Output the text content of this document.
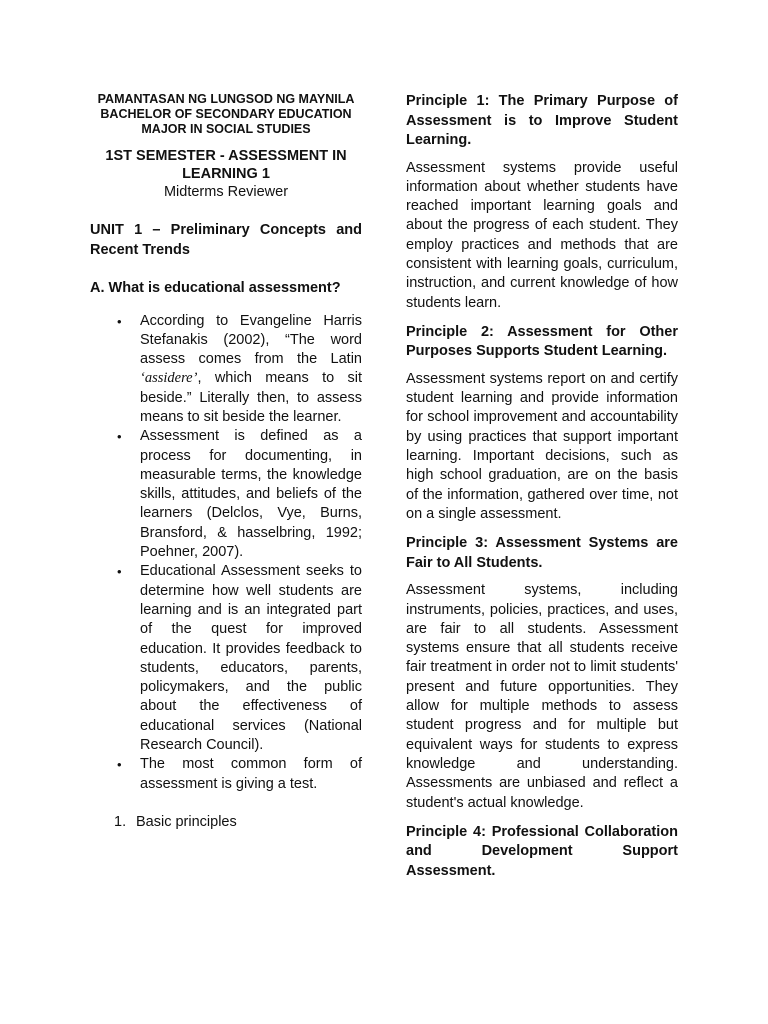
PAMANTASAN NG LUNGSOD NG MAYNILA
BACHELOR OF SECONDARY EDUCATION
MAJOR IN SOCIAL STUDIES
1ST SEMESTER - ASSESSMENT IN LEARNING 1
Midterms Reviewer
UNIT 1 – Preliminary Concepts and Recent Trends
A. What is educational assessment?
• According to Evangeline Harris Stefanakis (2002), “The word assess comes from the Latin ‘assidere’, which means to sit beside.” Literally then, to assess means to sit beside the learner.
• Assessment is defined as a process for documenting, in measurable terms, the knowledge skills, attitudes, and beliefs of the learners (Delclos, Vye, Burns, Bransford, & hasselbring, 1992; Poehner, 2007).
• Educational Assessment seeks to determine how well students are learning and is an integrated part of the quest for improved education. It provides feedback to students, educators, parents, policymakers, and the public about the effectiveness of educational services (National Research Council).
• The most common form of assessment is giving a test.
1. Basic principles
Principle 1: The Primary Purpose of Assessment is to Improve Student Learning.

Assessment systems provide useful information about whether students have reached important learning goals and about the progress of each student. They employ practices and methods that are consistent with learning goals, curriculum, instruction, and current knowledge of how students learn.

Principle 2: Assessment for Other Purposes Supports Student Learning.

Assessment systems report on and certify student learning and provide information for school improvement and accountability by using practices that support important learning. Important decisions, such as high school graduation, are on the basis of the information, gathered over time, not on a single assessment.

Principle 3: Assessment Systems are Fair to All Students.

Assessment systems, including instruments, policies, practices, and uses, are fair to all students. Assessment systems ensure that all students receive fair treatment in order not to limit students' present and future opportunities. They allow for multiple methods to assess student progress and for multiple but equivalent ways for students to express knowledge and understanding. Assessments are unbiased and reflect a student's actual knowledge.

Principle 4: Professional Collaboration and Development Support Assessment.
